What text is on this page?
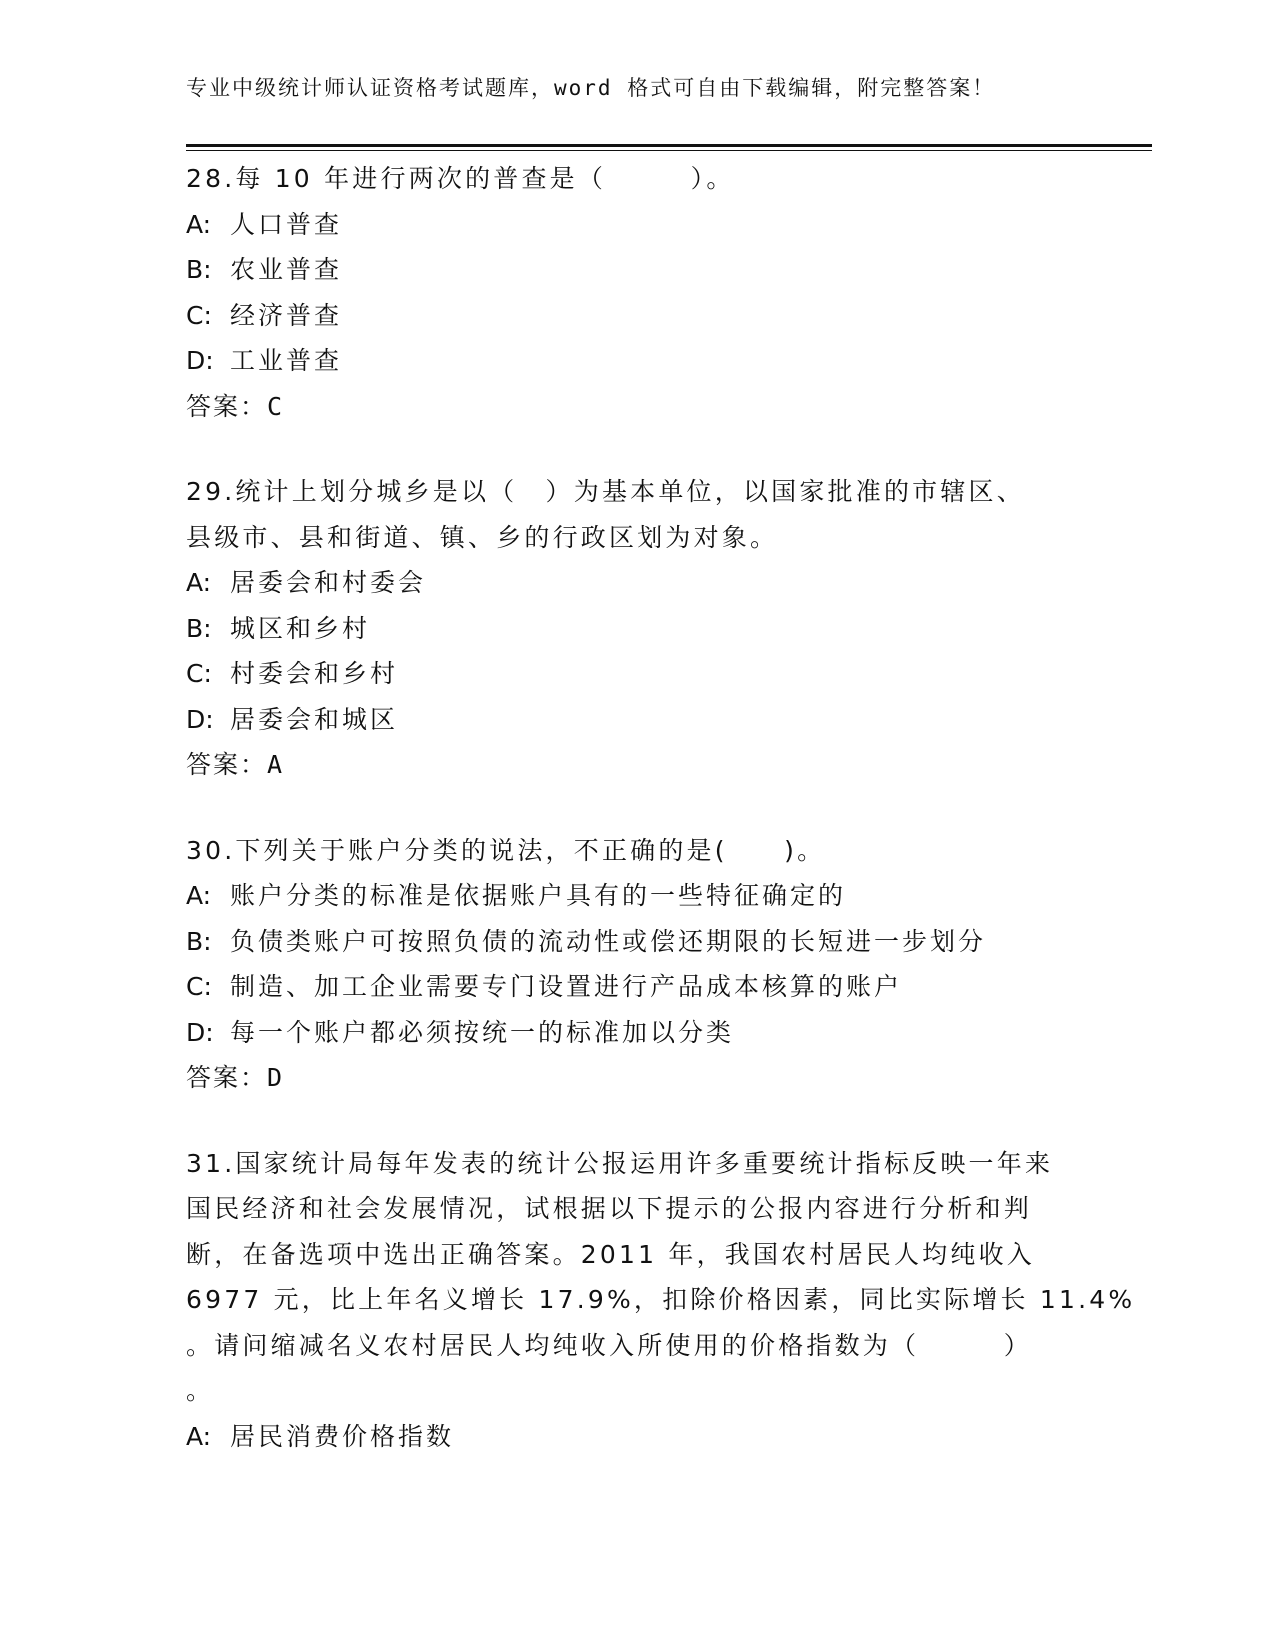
专业中级统计师认证资格考试题库，word 格式可自由下载编辑，附完整答案！
28.每 10 年进行两次的普查是（　　　）。
A: 人口普查
B: 农业普查
C: 经济普查
D: 工业普查
答案：C
29.统计上划分城乡是以（　）为基本单位，以国家批准的市辖区、
县级市、县和街道、镇、乡的行政区划为对象。
A: 居委会和村委会
B: 城区和乡村
C: 村委会和乡村
D: 居委会和城区
答案：A
30.下列关于账户分类的说法，不正确的是(　　)。
A: 账户分类的标准是依据账户具有的一些特征确定的
B: 负债类账户可按照负债的流动性或偿还期限的长短进一步划分
C: 制造、加工企业需要专门设置进行产品成本核算的账户
D: 每一个账户都必须按统一的标准加以分类
答案：D
31.国家统计局每年发表的统计公报运用许多重要统计指标反映一年来
国民经济和社会发展情况，试根据以下提示的公报内容进行分析和判
断，在备选项中选出正确答案。2011 年，我国农村居民人均纯收入
6977 元，比上年名义增长 17.9%，扣除价格因素，同比实际增长 11.4%
。请问缩减名义农村居民人均纯收入所使用的价格指数为（　　　）
。
A: 居民消费价格指数
